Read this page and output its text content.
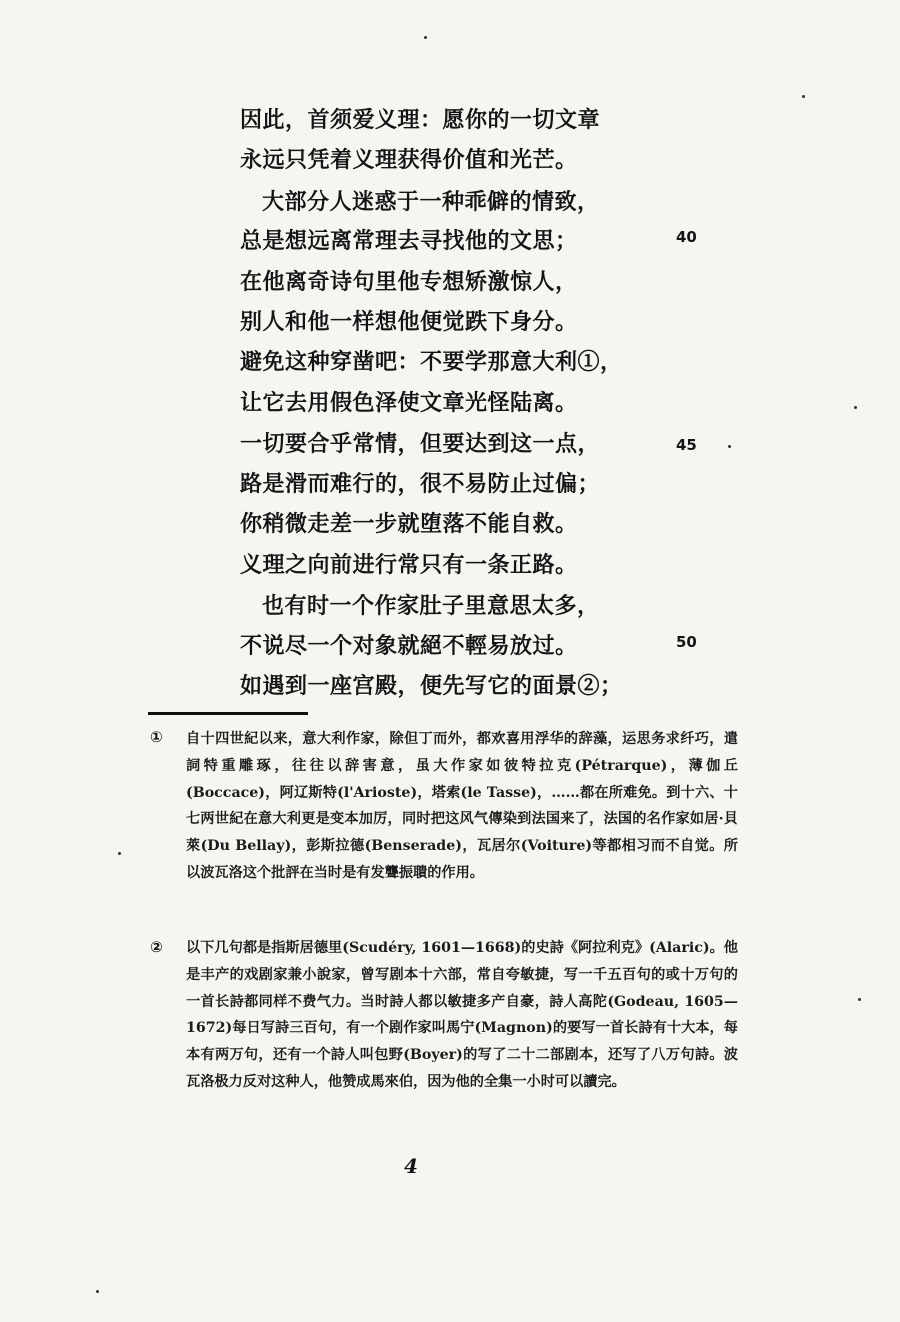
因此，首须爱义理：愿你的一切文章
永远只凭着义理获得价值和光芒。
大部分人迷惑于一种乖僻的情致，
总是想远离常理去寻找他的文思；
在他离奇诗句里他专想矫激惊人，
别人和他一样想他便觉跌下身分。
避免这种穿凿吧：不要学那意大利①，
让它去用假色泽使文章光怪陆离。
一切要合乎常情，但要达到这一点，
路是滑而难行的，很不易防止过偏；
你稍微走差一步就堕落不能自救。
义理之向前进行常只有一条正路。
也有时一个作家肚子里意思太多，
不说尽一个对象就絕不輕易放过。
如遇到一座宫殿，便先写它的面景②；
40
45
50
① 自十四世紀以来，意大利作家，除但丁而外，都欢喜用浮华的辞藻，运思务求纤巧，遣詞特重雕琢，往往以辞害意，虽大作家如彼特拉克(Pétrarque)，薄伽丘(Boccace)，阿辽斯特(l'Arioste)，塔索(le Tasse)，……都在所难免。到十六、十七两世紀在意大利更是变本加厉，同时把这风气傳染到法国来了，法国的名作家如居·貝萊(Du Bellay)，彭斯拉德(Benserade)，瓦居尔(Voiture)等都相习而不自觉。所以波瓦洛这个批評在当时是有发聾振聵的作用。
② 以下几句都是指斯居德里(Scudéry, 1601—1668)的史詩《阿拉利克》(Alaric)。他是丰产的戏剧家兼小說家，曾写剧本十六部，常自夸敏捷，写一千五百句的或十万句的一首长詩都同样不费气力。当时詩人都以敏捷多产自豪，詩人高陀(Godeau, 1605—1672)每日写詩三百句，有一个剧作家叫馬宁(Magnon)的要写一首长詩有十大本，每本有两万句，还有一个詩人叫包野(Boyer)的写了二十二部剧本，还写了八万句詩。波瓦洛极力反对这种人，他赞成馬來伯，因为他的全集一小时可以讀完。
4
